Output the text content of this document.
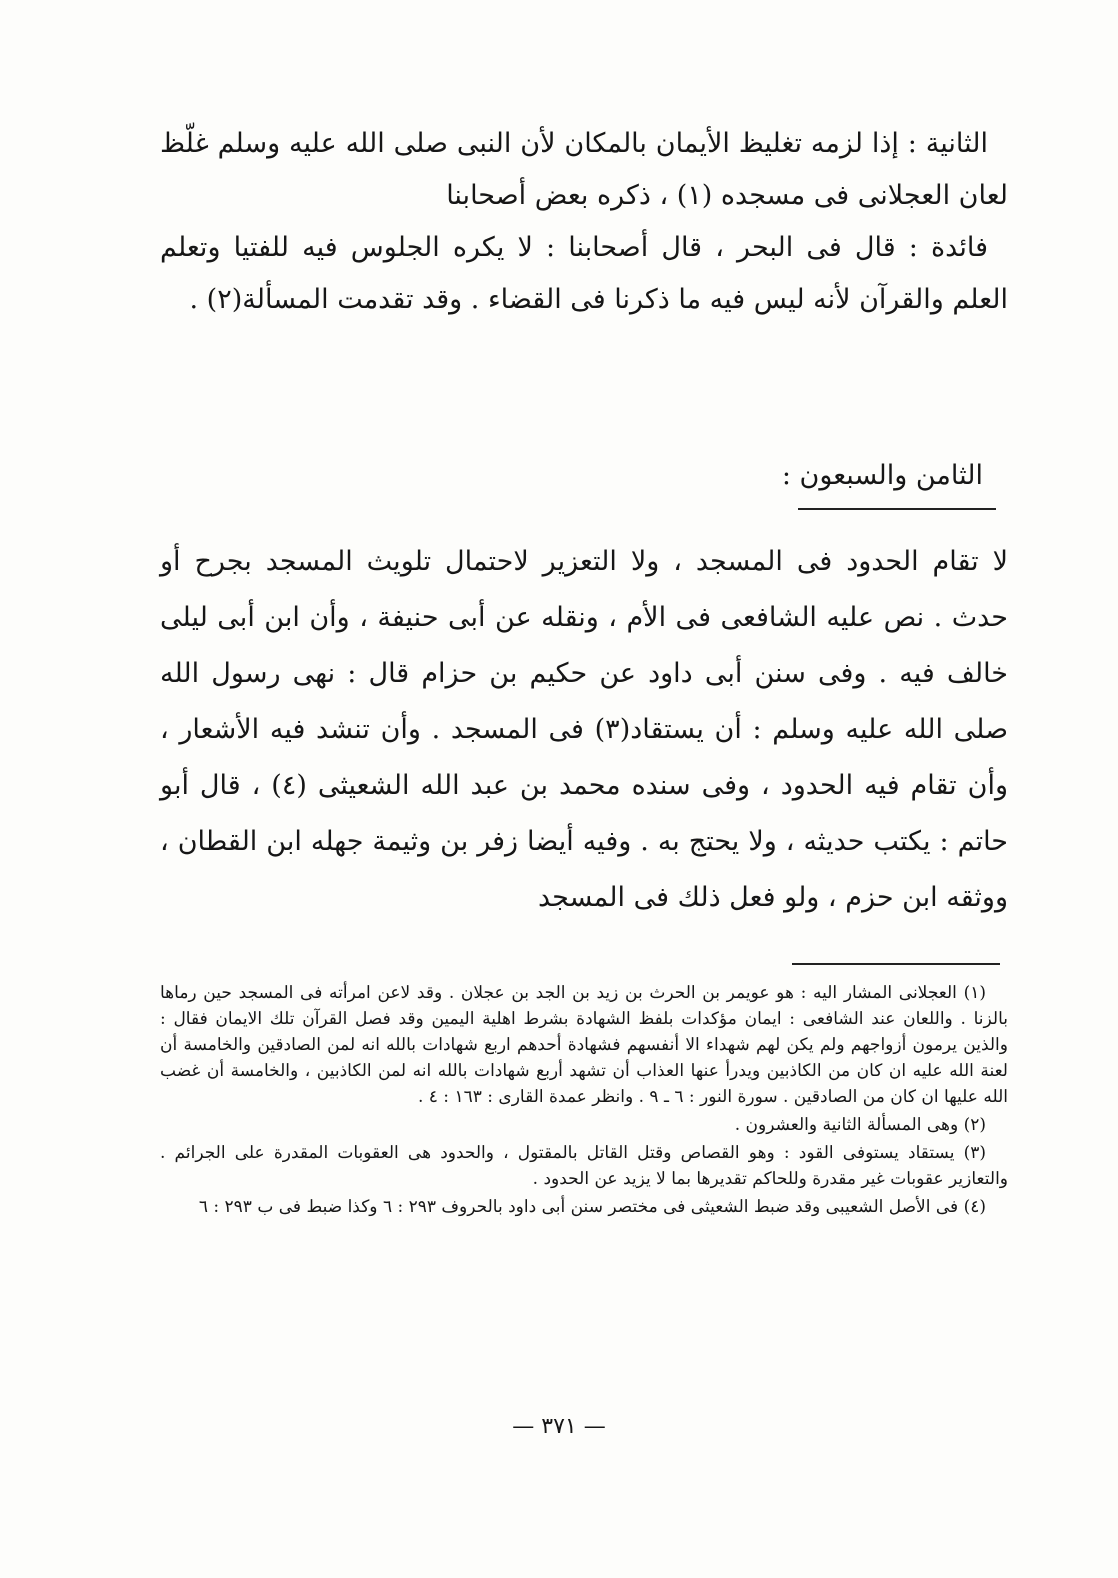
الثانية : إذا لزمه تغليظ الأيمان بالمكان لأن النبى صلى الله عليه وسلم غلّظ لعان العجلانى فى مسجده (١) ، ذكره بعض أصحابنا

فائدة : قال فى البحر ، قال أصحابنا : لا يكره الجلوس فيه للفتيا وتعلم العلم والقرآن لأنه ليس فيه ما ذكرنا فى القضاء . وقد تقدمت المسألة(٢) .

الثامن والسبعون :

لا تقام الحدود فى المسجد ، ولا التعزير لاحتمال تلويث المسجد بجرح أو حدث . نص عليه الشافعى فى الأم ، ونقله عن أبى حنيفة ، وأن ابن أبى ليلى خالف فيه . وفى سنن أبى داود عن حكيم بن حزام قال : نهى رسول الله صلى الله عليه وسلم : أن يستقاد(٣) فى المسجد . وأن تنشد فيه الأشعار ، وأن تقام فيه الحدود ، وفى سنده محمد بن عبد الله الشعيثى (٤) ، قال أبو حاتم : يكتب حديثه ، ولا يحتج به . وفيه أيضا زفر بن وثيمة جهله ابن القطان ، ووثقه ابن حزم ، ولو فعل ذلك فى المسجد

(١) العجلانى المشار اليه : هو عويمر بن الحرث بن زيد بن الجد بن عجلان . وقد لاعن امرأته فى المسجد حين رماها بالزنا . واللعان عند الشافعى : ايمان مؤكدات بلفظ الشهادة بشرط اهلية اليمين وقد فصل القرآن تلك الايمان فقال : والذين يرمون أزواجهم ولم يكن لهم شهداء الا أنفسهم فشهادة أحدهم اربع شهادات بالله انه لمن الصادقين والخامسة أن لعنة الله عليه ان كان من الكاذبين ويدرأ عنها العذاب أن تشهد أربع شهادات بالله انه لمن الكاذبين ، والخامسة أن غضب الله عليها ان كان من الصادقين . سورة النور : ٦ ـ ٩ . وانظر عمدة القارى : ١٦٣ : ٤ .

(٢) وهى المسألة الثانية والعشرون .

(٣) يستقاد يستوفى القود : وهو القصاص وقتل القاتل بالمقتول ، والحدود هى العقوبات المقدرة على الجرائم . والتعازير عقوبات غير مقدرة وللحاكم تقديرها بما لا يزيد عن الحدود .

(٤) فى الأصل الشعيبى وقد ضبط الشعيثى فى مختصر سنن أبى داود بالحروف ٢٩٣ : ٦ وكذا ضبط فى ب ٢٩٣ : ٦

— ٣٧١ —
